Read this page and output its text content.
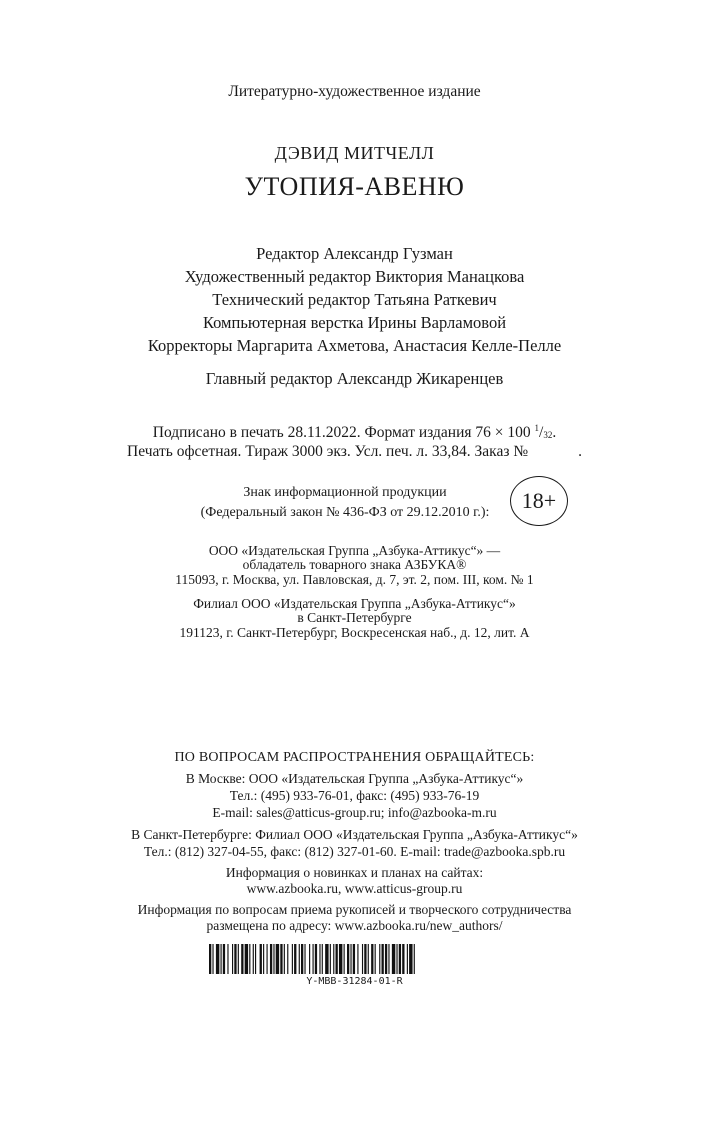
Литературно-художественное издание
ДЭВИД МИТЧЕЛЛ
УТОПИЯ-АВЕНЮ
Редактор Александр Гузман
Художественный редактор Виктория Манацкова
Технический редактор Татьяна Раткевич
Компьютерная верстка Ирины Варламовой
Корректоры Маргарита Ахметова, Анастасия Келле-Пелле
Главный редактор Александр Жикаренцев
Подписано в печать 28.11.2022. Формат издания 76 × 100 $^1$/32.
Печать офсетная. Тираж 3000 экз. Усл. печ. л. 33,84. Заказ №	.
Знак информационной продукции
(Федеральный закон № 436-ФЗ от 29.12.2010 г.):	18+
ООО «Издательская Группа „Азбука-Аттикус“» —
обладатель товарного знака АЗБУКА®
115093, г. Москва, ул. Павловская, д. 7, эт. 2, пом. III, ком. № 1
Филиал ООО «Издательская Группа „Азбука-Аттикус“»
в Санкт-Петербурге
191123, г. Санкт-Петербург, Воскресенская наб., д. 12, лит. А
ПО ВОПРОСАМ РАСПРОСТРАНЕНИЯ ОБРАЩАЙТЕСЬ:
В Москве: ООО «Издательская Группа „Азбука-Аттикус“»
Тел.: (495) 933-76-01, факс: (495) 933-76-19
E-mail: sales@atticus-group.ru; info@azbooka-m.ru
В Санкт-Петербурге: Филиал ООО «Издательская Группа „Азбука-Аттикус“»
Тел.: (812) 327-04-55, факс: (812) 327-01-60. E-mail: trade@azbooka.spb.ru
Информация о новинках и планах на сайтах:
www.azbooka.ru, www.atticus-group.ru
Информация по вопросам приема рукописей и творческого сотрудничества
размещена по адресу: www.azbooka.ru/new_authors/
Y-MBB-31284-01-R
